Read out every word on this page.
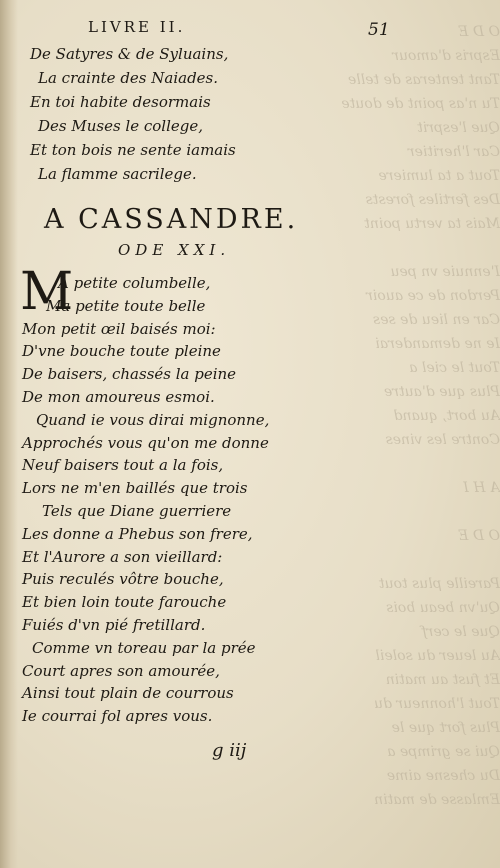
O D E
Espris d'amour
Tant tenteras de telle
Tu n'as point de doute
Que l'esprit
Car l'heritier
Tout a ta lumiere
Des fertiles forests
Mais ta vertu point
I'ennuie vn peu
Perdon de ce auoir
Car en lieu de ses
Ie ne demanderai
Tout le ciel a
Plus que d'autre
Au bort, quand
Contre les vines
A H I
O D E
Pareille plus tout
Qu'vn beau bois
Que le cerf
Au leuer du soleil
Et fust au matin
Tout l'honneur du
Plus fort que le
Qui se grimpe a
Du chesne aime
Emlasse de matin
LIVRE II.	51
De Satyres & de Syluains,
La crainte des Naiades.
En toi habite desormais
Des Muses le college,
Et ton bois ne sente iamais
La flamme sacrilege.
A CASSANDRE.
ODE XXI.
M
A petite columbelle,
Ma petite toute belle
Mon petit œil baisés moi:
D'vne bouche toute pleine
De baisers, chassés la peine
De mon amoureus esmoi.
Quand ie vous dirai mignonne,
Approchés vous qu'on me donne
Neuf baisers tout a la fois,
Lors ne m'en baillés que trois
Tels que Diane guerriere
Les donne a Phebus son frere,
Et l'Aurore a son vieillard:
Puis reculés vôtre bouche,
Et bien loin toute farouche
Fuiés d'vn pié fretillard.
Comme vn toreau par la prée
Court apres son amourée,
Ainsi tout plain de courrous
Ie courrai fol apres vous.
g iij
